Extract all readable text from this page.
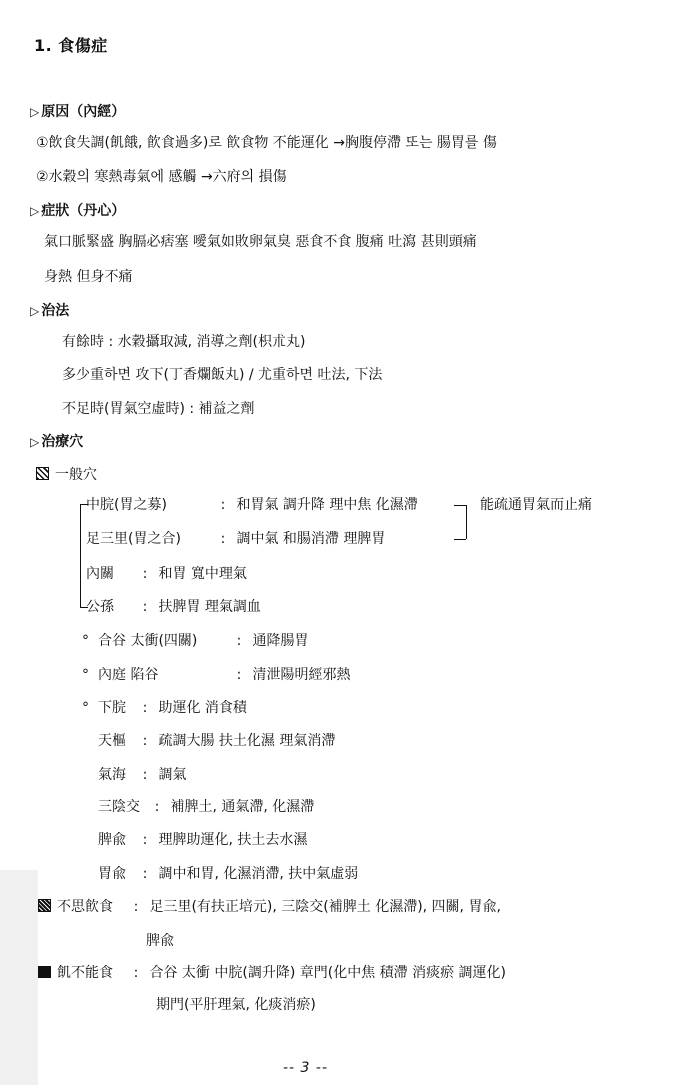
1. 食傷症
▷ 原因（內經）
①飲食失調(飢餓, 飮食過多)로 飮食物 不能運化 →胸腹停滯 또는 腸胃를 傷
②水穀의 寒熱毒氣에 感觸 →六府의 損傷
▷ 症狀（丹心）
氣口脈緊盛 胸膈必痞塞 噯氣如敗卵氣臭 惡食不食 腹痛 吐瀉 甚則頭痛
身熱 但身不痛
▷ 治法
有餘時 : 水穀攝取減, 消導之劑(枳朮丸)
多少重하면 攻下(丁香爛飯丸) / 尤重하면 吐法, 下法
不足時(胃氣空虛時) : 補益之劑
▷ 治療穴
一般穴
中脘(胃之募)	: 和胃氣 調升降 理中焦 化濕滯
足三里(胃之合)	: 調中氣 和腸消滯 理脾胃
內關 : 和胃 寬中理氣
公孫 : 扶脾胃 理氣調血
能疏通胃氣而止痛
° 合谷 太衝(四關)	: 通降腸胃
° 內庭 陷谷	: 清泄陽明經邪熱
° 下脘 : 助運化 消食積
天樞 : 疏調大腸 扶土化濕 理氣消滯
氣海 : 調氣
三陰交 : 補脾土, 通氣滯, 化濕滯
脾兪 : 理脾助運化, 扶土去水濕
胃兪 : 調中和胃, 化濕消滯, 扶中氣虛弱
不思飮食 : 足三里(有扶正培元), 三陰交(補脾土 化濕滯), 四關, 胃兪,
脾兪
飢不能食 : 合谷 太衝 中脘(調升降) 章門(化中焦 積滯 消痰瘀 調運化)
期門(平肝理氣, 化痰消瘀)
-- 3 --
